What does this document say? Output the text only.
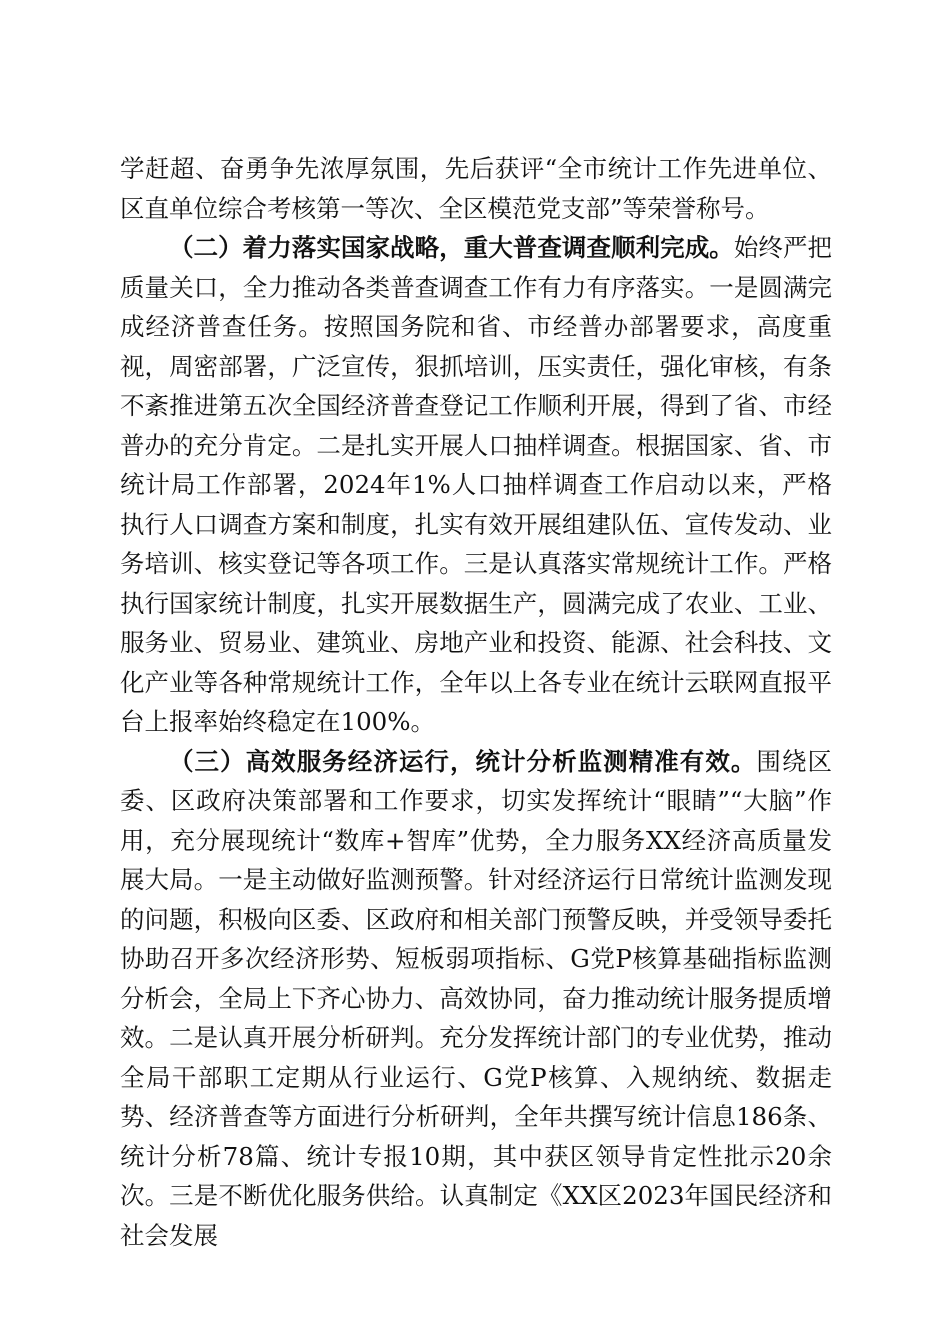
学赶超、奋勇争先浓厚氛围，先后获评“全市统计工作先进单位、区直单位综合考核第一等次、全区模范党支部”等荣誉称号。

（二）着力落实国家战略，重大普查调查顺利完成。始终严把质量关口，全力推动各类普查调查工作有力有序落实。一是圆满完成经济普查任务。按照国务院和省、市经普办部署要求，高度重视，周密部署，广泛宣传，狠抓培训，压实责任，强化审核，有条不紊推进第五次全国经济普查登记工作顺利开展，得到了省、市经普办的充分肯定。二是扎实开展人口抽样调查。根据国家、省、市统计局工作部署，2024年1%人口抽样调查工作启动以来，严格执行人口调查方案和制度，扎实有效开展组建队伍、宣传发动、业务培训、核实登记等各项工作。三是认真落实常规统计工作。严格执行国家统计制度，扎实开展数据生产，圆满完成了农业、工业、服务业、贸易业、建筑业、房地产业和投资、能源、社会科技、文化产业等各种常规统计工作，全年以上各专业在统计云联网直报平台上报率始终稳定在100%。

（三）高效服务经济运行，统计分析监测精准有效。围绕区委、区政府决策部署和工作要求，切实发挥统计“眼睛”“大脑”作用，充分展现统计“数库+智库”优势，全力服务XX经济高质量发展大局。一是主动做好监测预警。针对经济运行日常统计监测发现的问题，积极向区委、区政府和相关部门预警反映，并受领导委托协助召开多次经济形势、短板弱项指标、G党P核算基础指标监测分析会，全局上下齐心协力、高效协同，奋力推动统计服务提质增效。二是认真开展分析研判。充分发挥统计部门的专业优势，推动全局干部职工定期从行业运行、G党P核算、入规纳统、数据走势、经济普查等方面进行分析研判，全年共撰写统计信息186条、统计分析78篇、统计专报10期，其中获区领导肯定性批示20余次。三是不断优化服务供给。认真制定《XX区2023年国民经济和社会发展
